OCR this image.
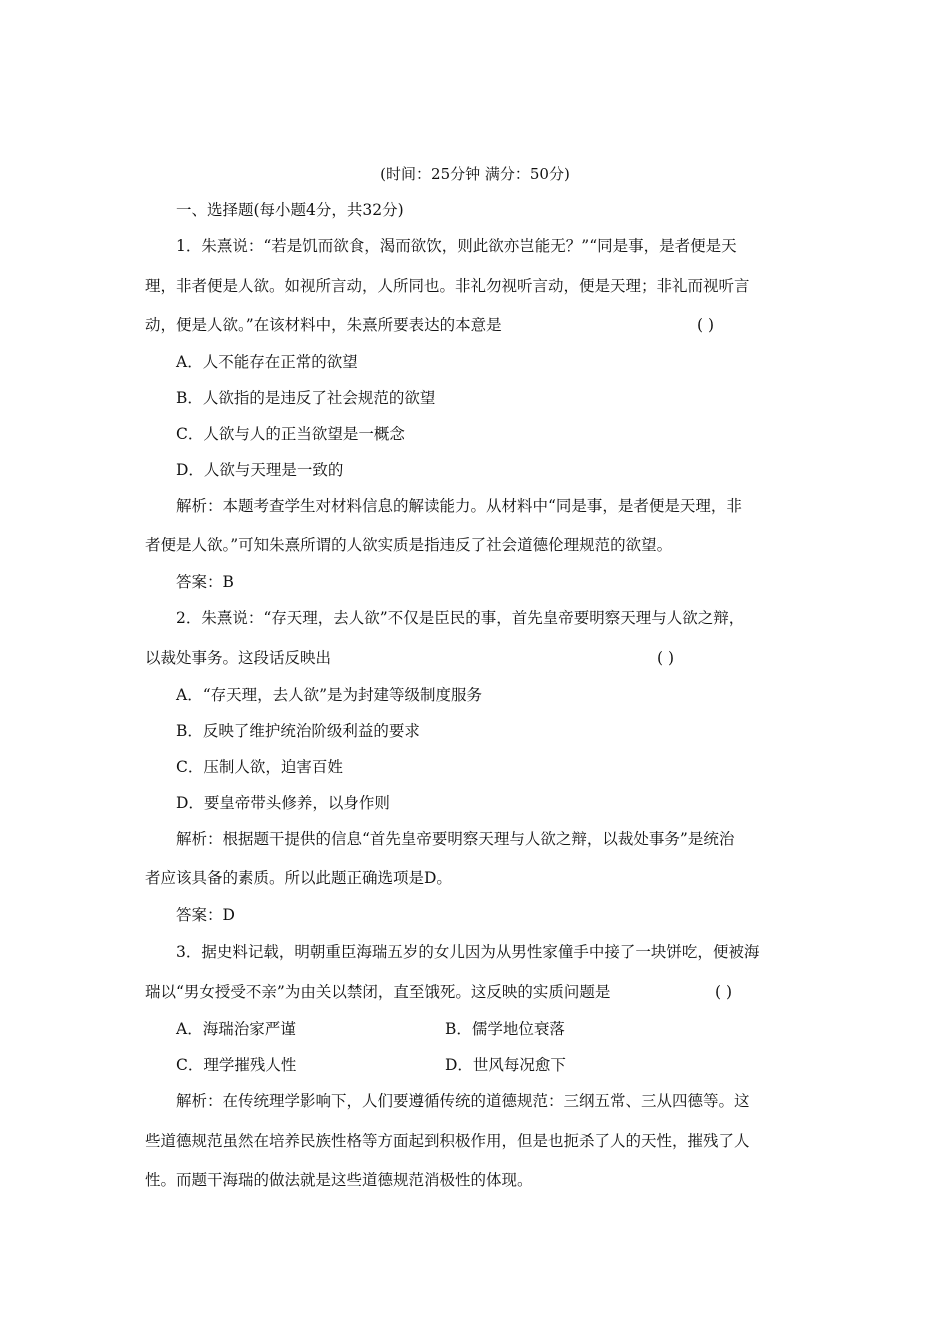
(时间：25分钟 满分：50分)
一、选择题(每小题4分，共32分)
1．朱熹说：“若是饥而欲食，渴而欲饮，则此欲亦岂能无？”“同是事，是者便是天
理，非者便是人欲。如视所言动，人所同也。非礼勿视听言动，便是天理；非礼而视听言
动，便是人欲。”在该材料中，朱熹所要表达的本意是	( )
A．人不能存在正常的欲望
B．人欲指的是违反了社会规范的欲望
C．人欲与人的正当欲望是一概念
D．人欲与天理是一致的
解析：本题考查学生对材料信息的解读能力。从材料中“同是事，是者便是天理，非
者便是人欲。”可知朱熹所谓的人欲实质是指违反了社会道德伦理规范的欲望。
答案：B
2．朱熹说：“存天理，去人欲”不仅是臣民的事，首先皇帝要明察天理与人欲之辩，
以裁处事务。这段话反映出	( )
A．“存天理，去人欲”是为封建等级制度服务
B．反映了维护统治阶级利益的要求
C．压制人欲，迫害百姓
D．要皇帝带头修养，以身作则
解析：根据题干提供的信息“首先皇帝要明察天理与人欲之辩，以裁处事务”是统治
者应该具备的素质。所以此题正确选项是D。
答案：D
3．据史料记载，明朝重臣海瑞五岁的女儿因为从男性家僮手中接了一块饼吃，便被海
瑞以“男女授受不亲”为由关以禁闭，直至饿死。这反映的实质问题是	( )
A．海瑞治家严谨	B．儒学地位衰落
C．理学摧残人性	D．世风每况愈下
解析：在传统理学影响下，人们要遵循传统的道德规范：三纲五常、三从四德等。这
些道德规范虽然在培养民族性格等方面起到积极作用，但是也扼杀了人的天性，摧残了人
性。而题干海瑞的做法就是这些道德规范消极性的体现。
